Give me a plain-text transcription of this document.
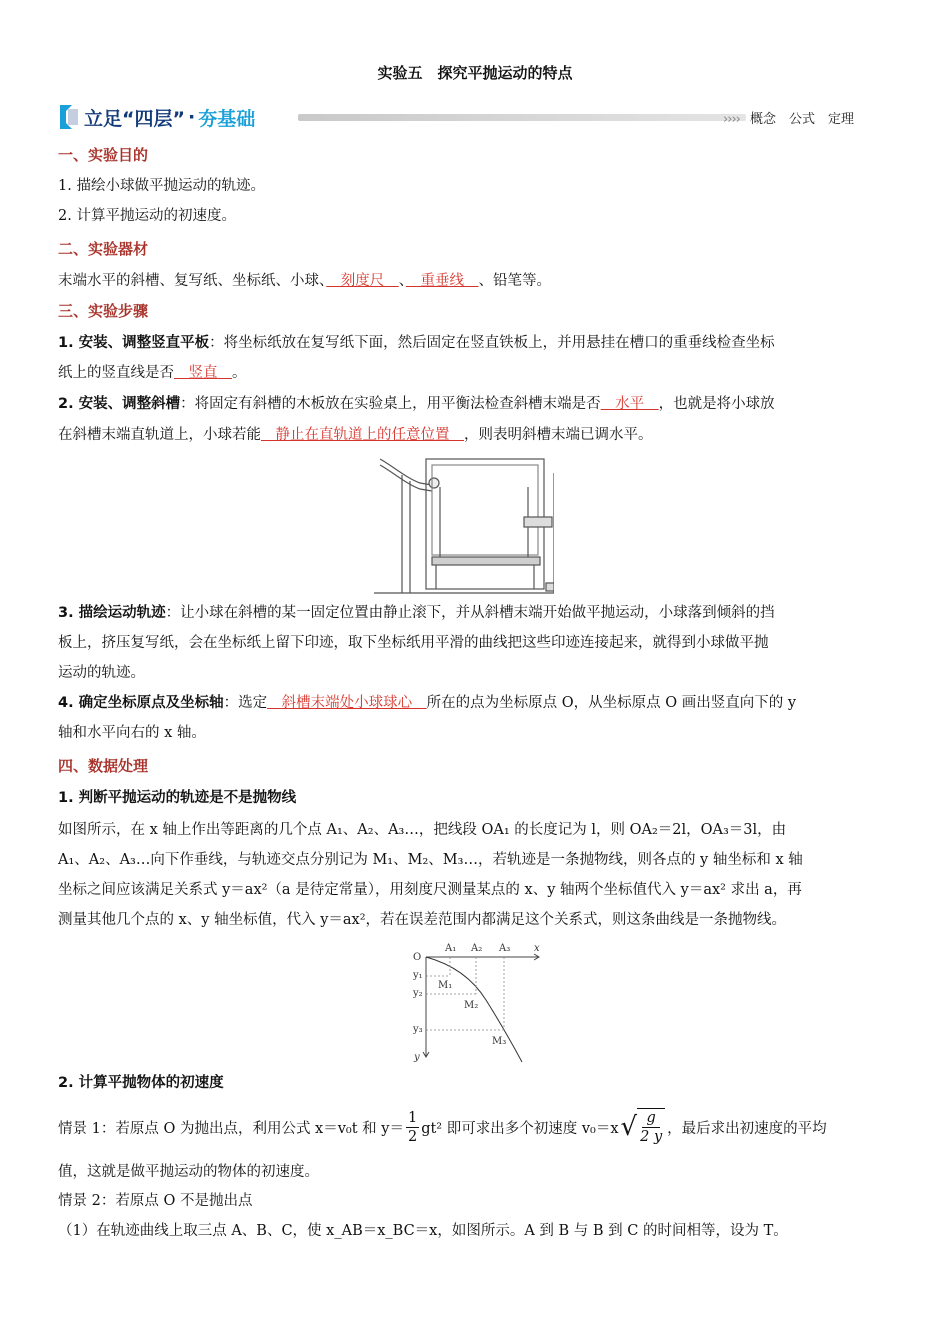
实验五　探究平抛运动的特点
立足“四层” · 夯基础	›››› 概念　公式　定理
一、实验目的
1. 描绘小球做平抛运动的轨迹。
2. 计算平抛运动的初速度。
二、实验器材
末端水平的斜槽、复写纸、坐标纸、小球、　刻度尺　、　重垂线　、铅笔等。
三、实验步骤
1. 安装、调整竖直平板：将坐标纸放在复写纸下面，然后固定在竖直铁板上，并用悬挂在槽口的重垂线检查坐标
纸上的竖直线是否　竖直　。
2. 安装、调整斜槽：将固定有斜槽的木板放在实验桌上，用平衡法检查斜槽末端是否　水平　，也就是将小球放
在斜槽末端直轨道上，小球若能　静止在直轨道上的任意位置　，则表明斜槽末端已调水平。
3. 描绘运动轨迹：让小球在斜槽的某一固定位置由静止滚下，并从斜槽末端开始做平抛运动，小球落到倾斜的挡
板上，挤压复写纸，会在坐标纸上留下印迹，取下坐标纸用平滑的曲线把这些印迹连接起来，就得到小球做平抛
运动的轨迹。
4. 确定坐标原点及坐标轴：选定　斜槽末端处小球球心　所在的点为坐标原点 O，从坐标原点 O 画出竖直向下的 y
轴和水平向右的 x 轴。
四、数据处理
1. 判断平抛运动的轨迹是不是抛物线
如图所示，在 x 轴上作出等距离的几个点 A₁、A₂、A₃…，把线段 OA₁ 的长度记为 l，则 OA₂＝2l，OA₃＝3l，由
A₁、A₂、A₃…向下作垂线，与轨迹交点分别记为 M₁、M₂、M₃…，若轨迹是一条抛物线，则各点的 y 轴坐标和 x 轴
坐标之间应该满足关系式 y＝ax²（a 是待定常量），用刻度尺测量某点的 x、y 轴两个坐标值代入 y＝ax² 求出 a，再
测量其他几个点的 x、y 轴坐标值，代入 y＝ax²，若在误差范围内都满足这个关系式，则这条曲线是一条抛物线。
O
x
y
A₁ A₂ A₃
y₁
y₂
y₃
M₁
M₂
M₃
2. 计算平抛物体的初速度
情景 1：若原点 O 为抛出点，利用公式 x＝v₀t 和 $y= \frac{1}{2} gt^2$ 即可求出多个初速度 v₀＝x √ $\frac{g}{2 y}$ ，最后求出初速度的平均
值，这就是做平抛运动的物体的初速度。
情景 2：若原点 O 不是抛出点
（1）在轨迹曲线上取三点 A、B、C，使 x_AB＝x_BC＝x，如图所示。A 到 B 与 B 到 C 的时间相等，设为 T。
